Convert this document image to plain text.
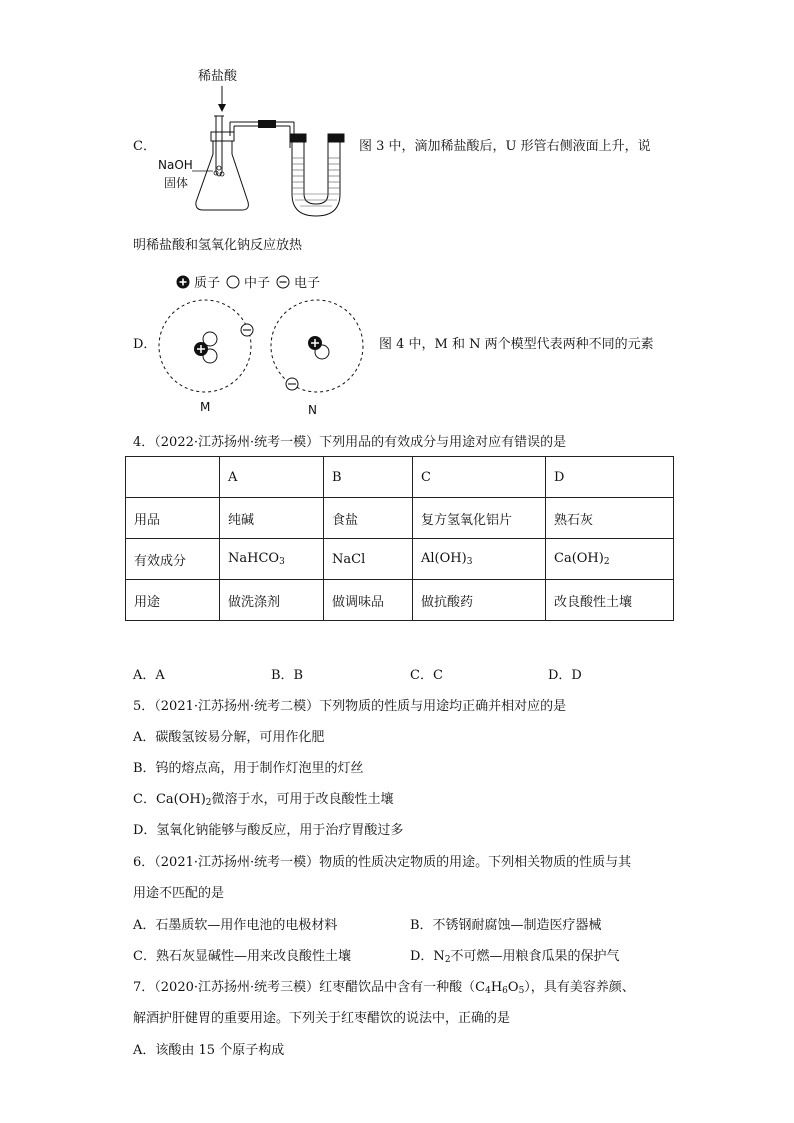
C．
稀盐酸
NaOH
固体
图 3 中，滴加稀盐酸后，U 形管右侧液面上升，说
明稀盐酸和氢氧化钠反应放热
质子 中子 电子
D．
M	N
图 4 中，M 和 N 两个模型代表两种不同的元素
4．（2022·江苏扬州·统考一模）下列用品的有效成分与用途对应有错误的是
	A	B	C	D
用品	纯碱	食盐	复方氢氧化铝片	熟石灰
有效成分	NaHCO$_3$	NaCl	$Al(OH)_3$	$Ca(OH)_2$
用途	做洗涤剂	做调味品	做抗酸药	改良酸性土壤
A．A	B．B	C．C	D．D
5．（2021·江苏扬州·统考二模）下列物质的性质与用途均正确并相对应的是
A．碳酸氢铵易分解，可用作化肥
B．钨的熔点高，用于制作灯泡里的灯丝
C．$Ca(OH)_2$微溶于水，可用于改良酸性土壤
D．氢氧化钠能够与酸反应，用于治疗胃酸过多
6．（2021·江苏扬州·统考一模）物质的性质决定物质的用途。下列相关物质的性质与其
用途不匹配的是
A．石墨质软—用作电池的电极材料	B．不锈钢耐腐蚀—制造医疗器械
C．熟石灰显碱性—用来改良酸性土壤	D．$N_2$不可燃—用粮食瓜果的保护气
7．（2020·江苏扬州·统考三模）红枣醋饮品中含有一种酸$(C_4H_6O_5)$，具有美容养颜、
解酒护肝健胃的重要用途。下列关于红枣醋饮的说法中，正确的是
A．该酸由 15 个原子构成
